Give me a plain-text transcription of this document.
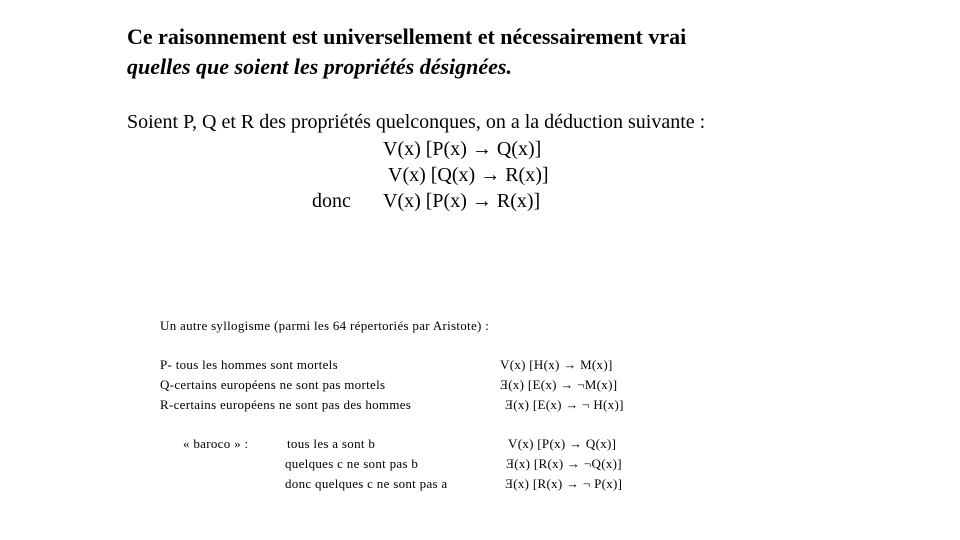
Ce raisonnement est universellement et nécessairement vrai
quelles que soient les propriétés désignées.
Soient P, Q et R des propriétés quelconques, on a la déduction suivante :
V(x) [P(x) → Q(x)]
V(x) [Q(x) → R(x)]
donc V(x) [P(x) → R(x)]
Un autre syllogisme (parmi les 64 répertoriés par Aristote) :
P- tous les hommes sont mortels	V(x) [H(x) → M(x)]
Q-certains européens ne sont pas mortels	Ǝ(x) [E(x) → ¬M(x)]
R-certains européens ne sont pas des hommes	Ǝ(x) [E(x) → ¬ H(x)]
« baroco » :	tous les a sont b	V(x) [P(x) → Q(x)]
quelques c ne sont pas b	Ǝ(x) [R(x) → ¬Q(x)]
donc quelques c ne sont pas a	Ǝ(x) [R(x) → ¬ P(x)]
